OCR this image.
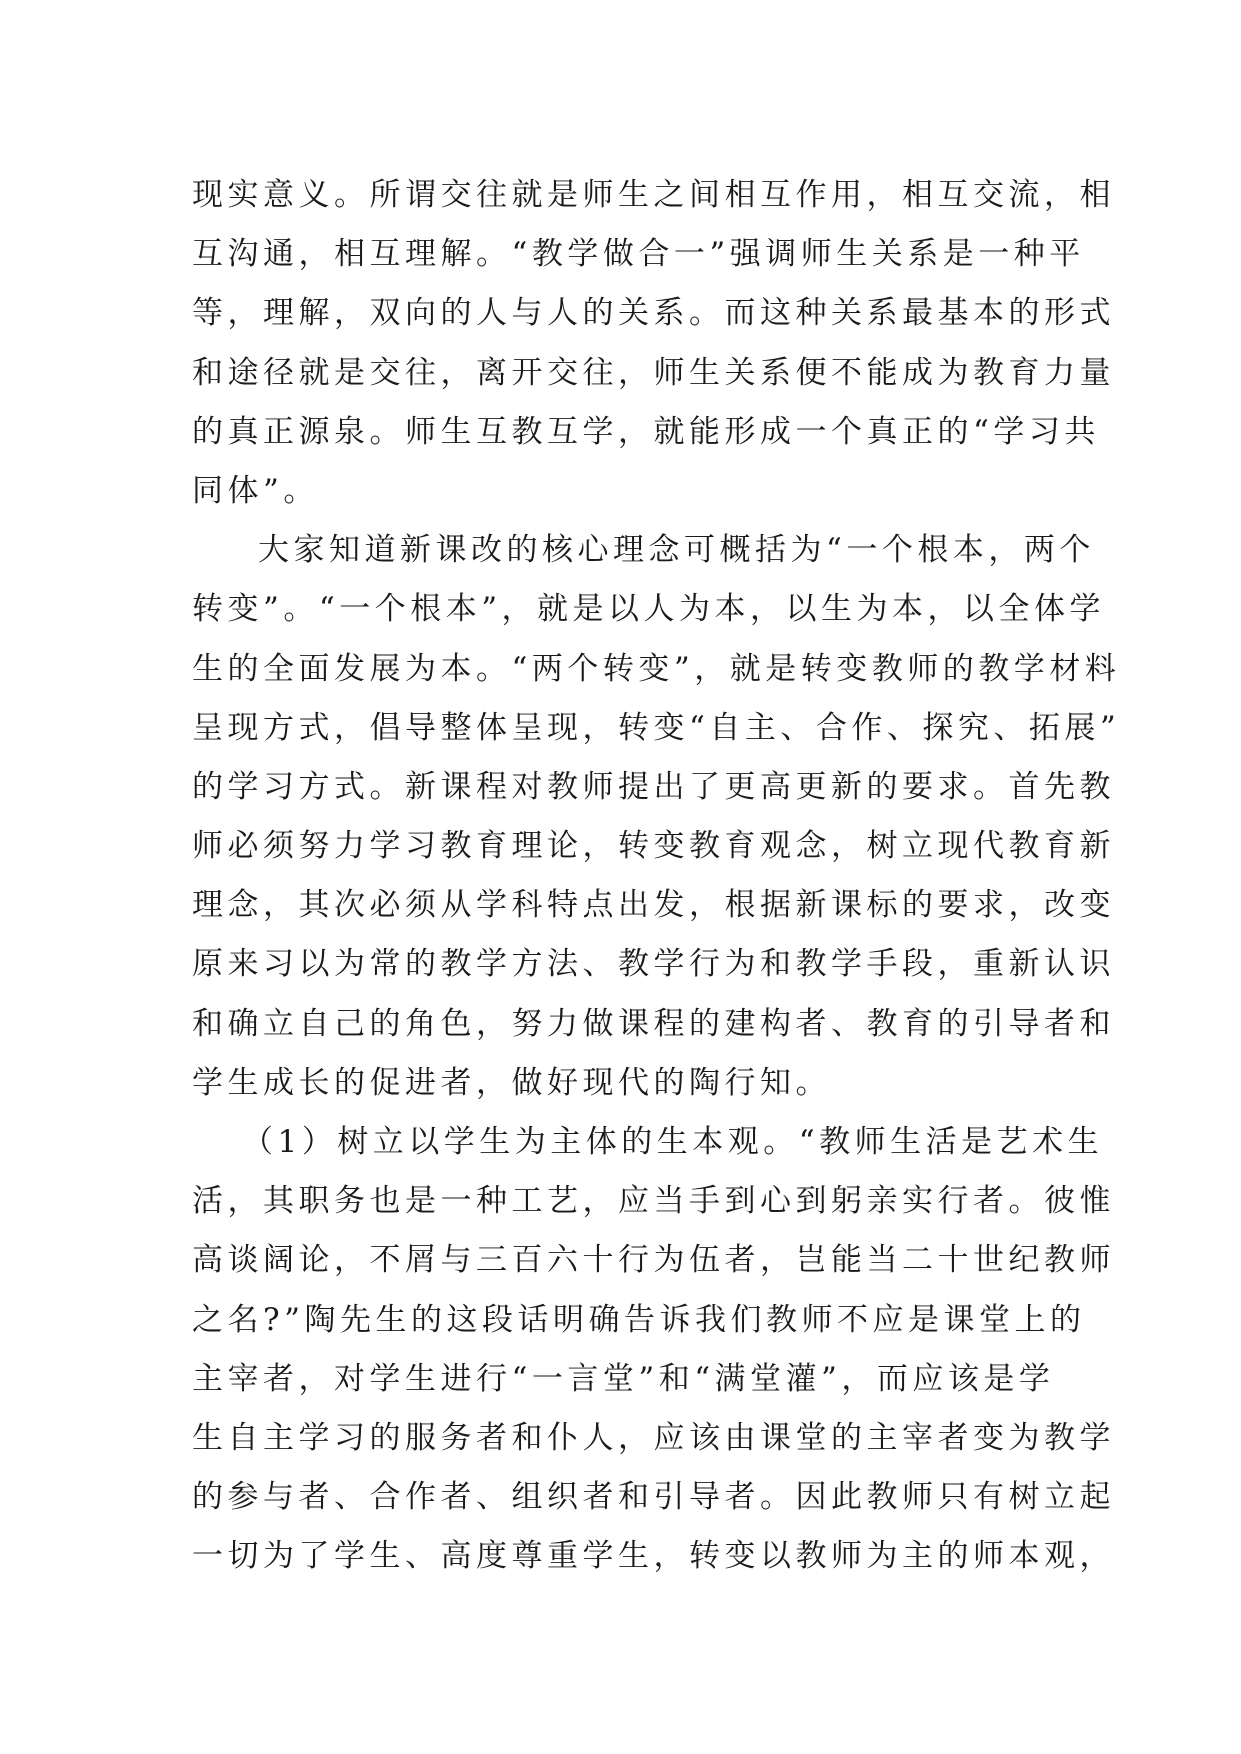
现实意义。所谓交往就是师生之间相互作用，相互交流，相
互沟通，相互理解。“教学做合一”强调师生关系是一种平
等，理解，双向的人与人的关系。而这种关系最基本的形式
和途径就是交往，离开交往，师生关系便不能成为教育力量
的真正源泉。师生互教互学，就能形成一个真正的“学习共
同体”。
大家知道新课改的核心理念可概括为“一个根本，两个
转变”。“一个根本”，就是以人为本，以生为本，以全体学
生的全面发展为本。“两个转变”，就是转变教师的教学材料
呈现方式，倡导整体呈现，转变“自主、合作、探究、拓展”
的学习方式。新课程对教师提出了更高更新的要求。首先教
师必须努力学习教育理论，转变教育观念，树立现代教育新
理念，其次必须从学科特点出发，根据新课标的要求，改变
原来习以为常的教学方法、教学行为和教学手段，重新认识
和确立自己的角色，努力做课程的建构者、教育的引导者和
学生成长的促进者，做好现代的陶行知。
（1）树立以学生为主体的生本观。“教师生活是艺术生
活，其职务也是一种工艺，应当手到心到躬亲实行者。彼惟
高谈阔论，不屑与三百六十行为伍者，岂能当二十世纪教师
之名?”陶先生的这段话明确告诉我们教师不应是课堂上的
主宰者，对学生进行“一言堂”和“满堂灌”，而应该是学
生自主学习的服务者和仆人，应该由课堂的主宰者变为教学
的参与者、合作者、组织者和引导者。因此教师只有树立起
一切为了学生、高度尊重学生，转变以教师为主的师本观，
